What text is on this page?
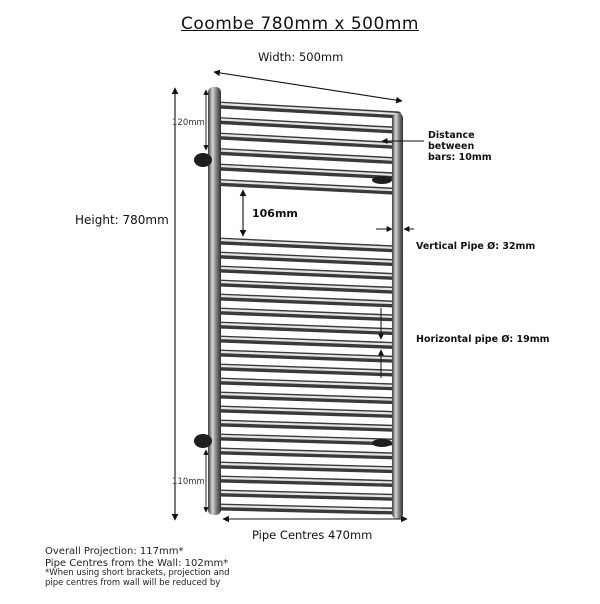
Coombe 780mm x 500mm
Width: 500mm
Height: 780mm	106mm
120mm
110mm
Distance
between
bars: 10mm
Vertical Pipe Ø: 32mm
Horizontal pipe Ø: 19mm
Pipe Centres 470mm
Overall Projection: 117mm*
Pipe Centres from the Wall: 102mm*
*When using short brackets, projection and
pipe centres from wall will be reduced by
